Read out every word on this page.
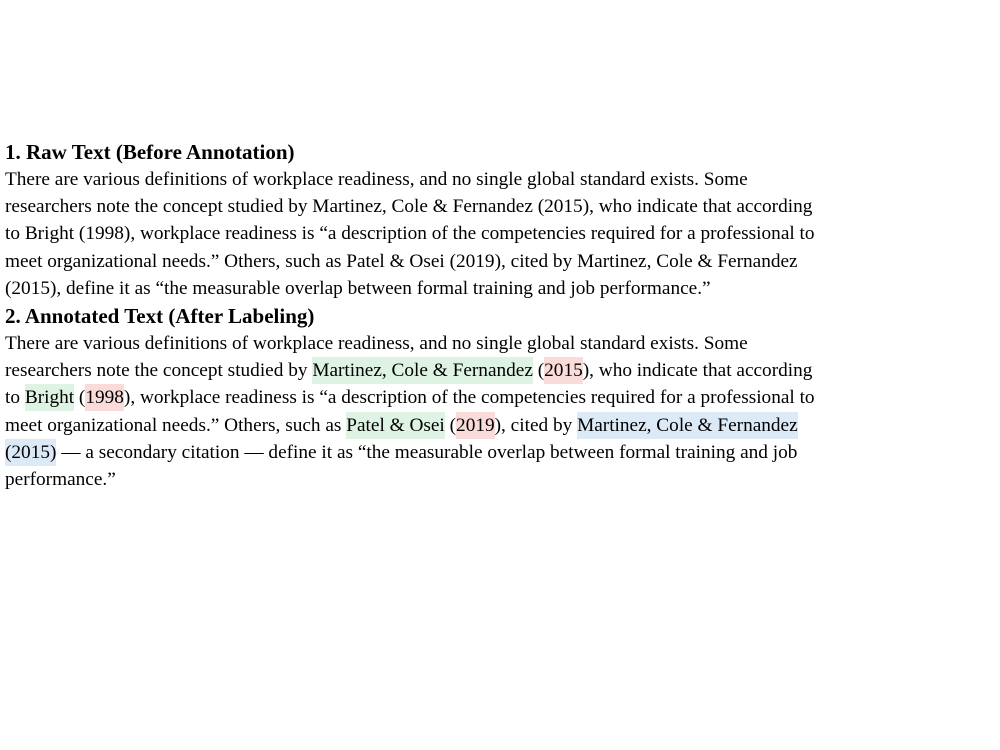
1. Raw Text (Before Annotation)

There are various definitions of workplace readiness, and no single global standard exists. Some
researchers note the concept studied by Martinez, Cole & Fernandez (2015), who indicate that according
to Bright (1998), workplace readiness is “a description of the competencies required for a professional to
meet organizational needs.” Others, such as Patel & Osei (2019), cited by Martinez, Cole & Fernandez
(2015), define it as “the measurable overlap between formal training and job performance.”

2. Annotated Text (After Labeling)

There are various definitions of workplace readiness, and no single global standard exists. Some
researchers note the concept studied by Martinez, Cole & Fernandez (2015), who indicate that according
to Bright (1998), workplace readiness is “a description of the competencies required for a professional to
meet organizational needs.” Others, such as Patel & Osei (2019), cited by Martinez, Cole & Fernandez
(2015) — a secondary citation — define it as “the measurable overlap between formal training and job
performance.”
